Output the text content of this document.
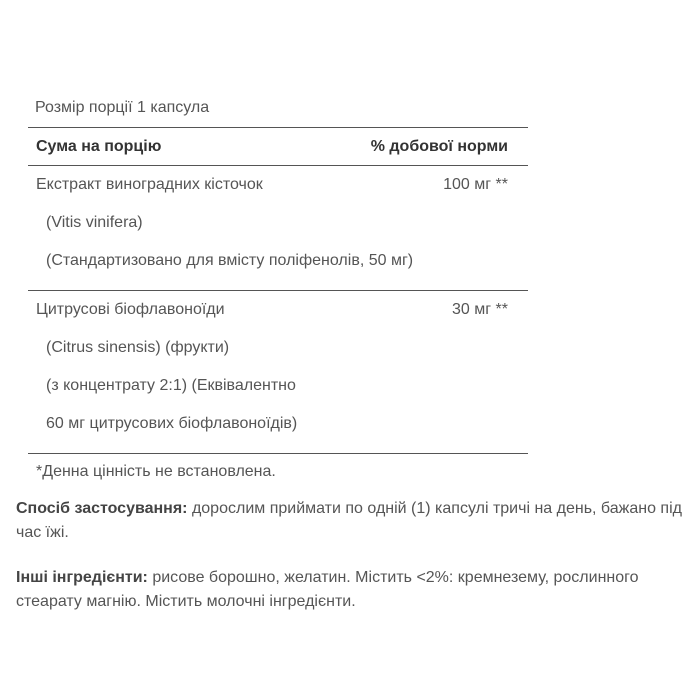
Розмір порції 1 капсула
Сума на порцію	% добової норми
Екстракт виноградних кісточок	100 мг **
(Vitis vinifera)
(Стандартизовано для вмісту поліфенолів, 50 мг)
Цитрусові біофлавоноїди	30 мг **
(Citrus sinensis) (фрукти)
(з концентрату 2:1) (Еквівалентно
60 мг цитрусових біофлавоноїдів)
*Денна цінність не встановлена.

Спосіб застосування: дорослим приймати по одній (1) капсулі тричі на день, бажано під час їжі.

Інші інгредієнти: рисове борошно, желатин. Містить <2%: кремнезему, рослинного стеарату магнію. Містить молочні інгредієнти.
